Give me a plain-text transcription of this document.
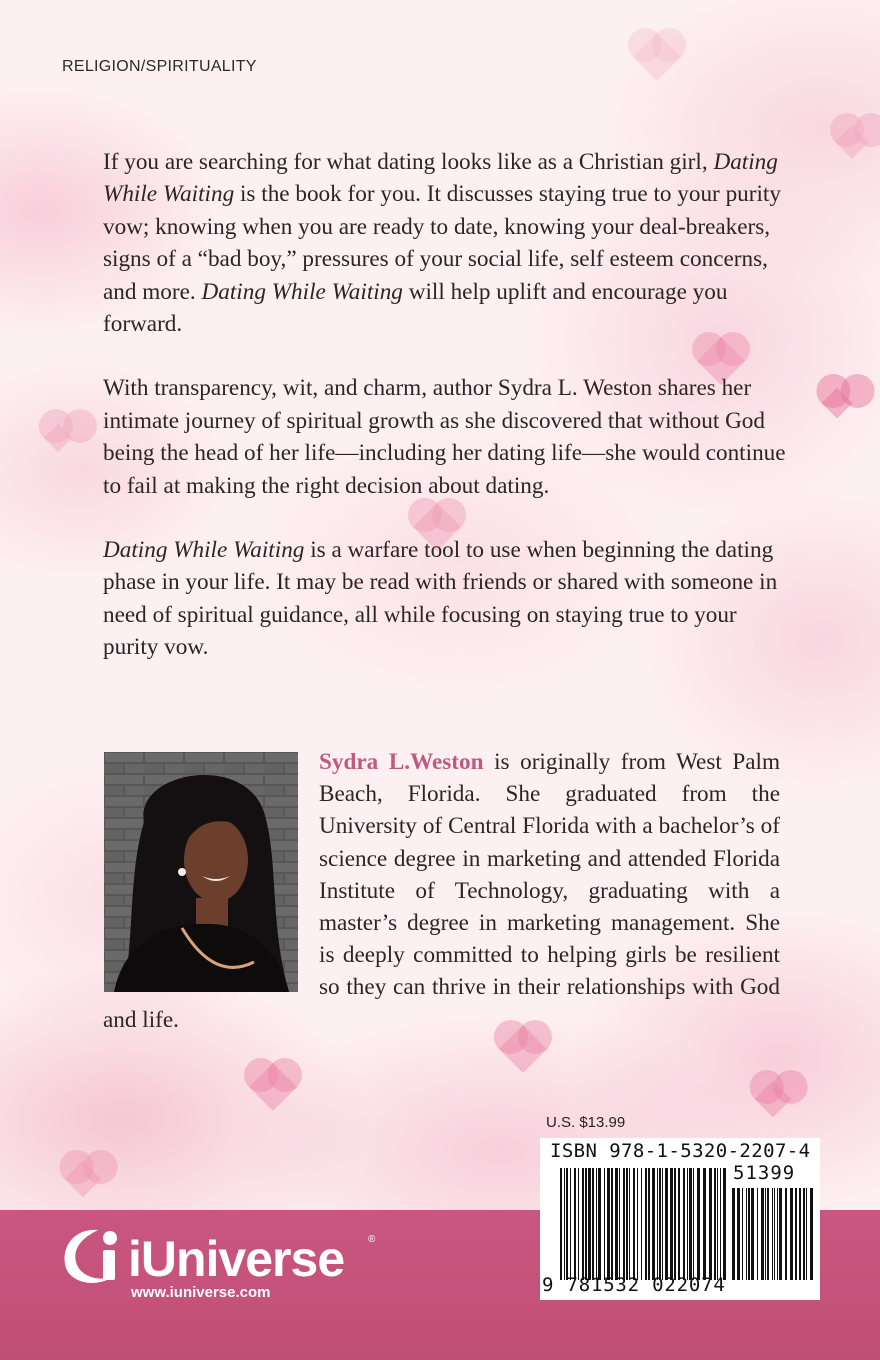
RELIGION/SPIRITUALITY

If you are searching for what dating looks like as a Christian girl, Dating While Waiting is the book for you. It discusses staying true to your purity vow; knowing when you are ready to date, knowing your deal-breakers, signs of a “bad boy,” pressures of your social life, self esteem concerns, and more. Dating While Waiting will help uplift and encourage you forward.

With transparency, wit, and charm, author Sydra L. Weston shares her intimate journey of spiritual growth as she discovered that without God being the head of her life—including her dating life—she would continue to fail at making the right decision about dating.

Dating While Waiting is a warfare tool to use when beginning the dating phase in your life. It may be read with friends or shared with someone in need of spiritual guidance, all while focusing on staying true to your purity vow.

Sydra L.Weston is originally from West Palm Beach, Florida. She graduated from the University of Central Florida with a bachelor’s of science degree in marketing and attended Florida Institute of Technology, graduating with a master’s degree in marketing management. She is deeply committed to helping girls be resilient so they can thrive in their relationships with God and life.
iUniverse ®
www.iuniverse.com
U.S. $13.99
ISBN 978-1-5320-2207-4
51399
9 781532 022074
